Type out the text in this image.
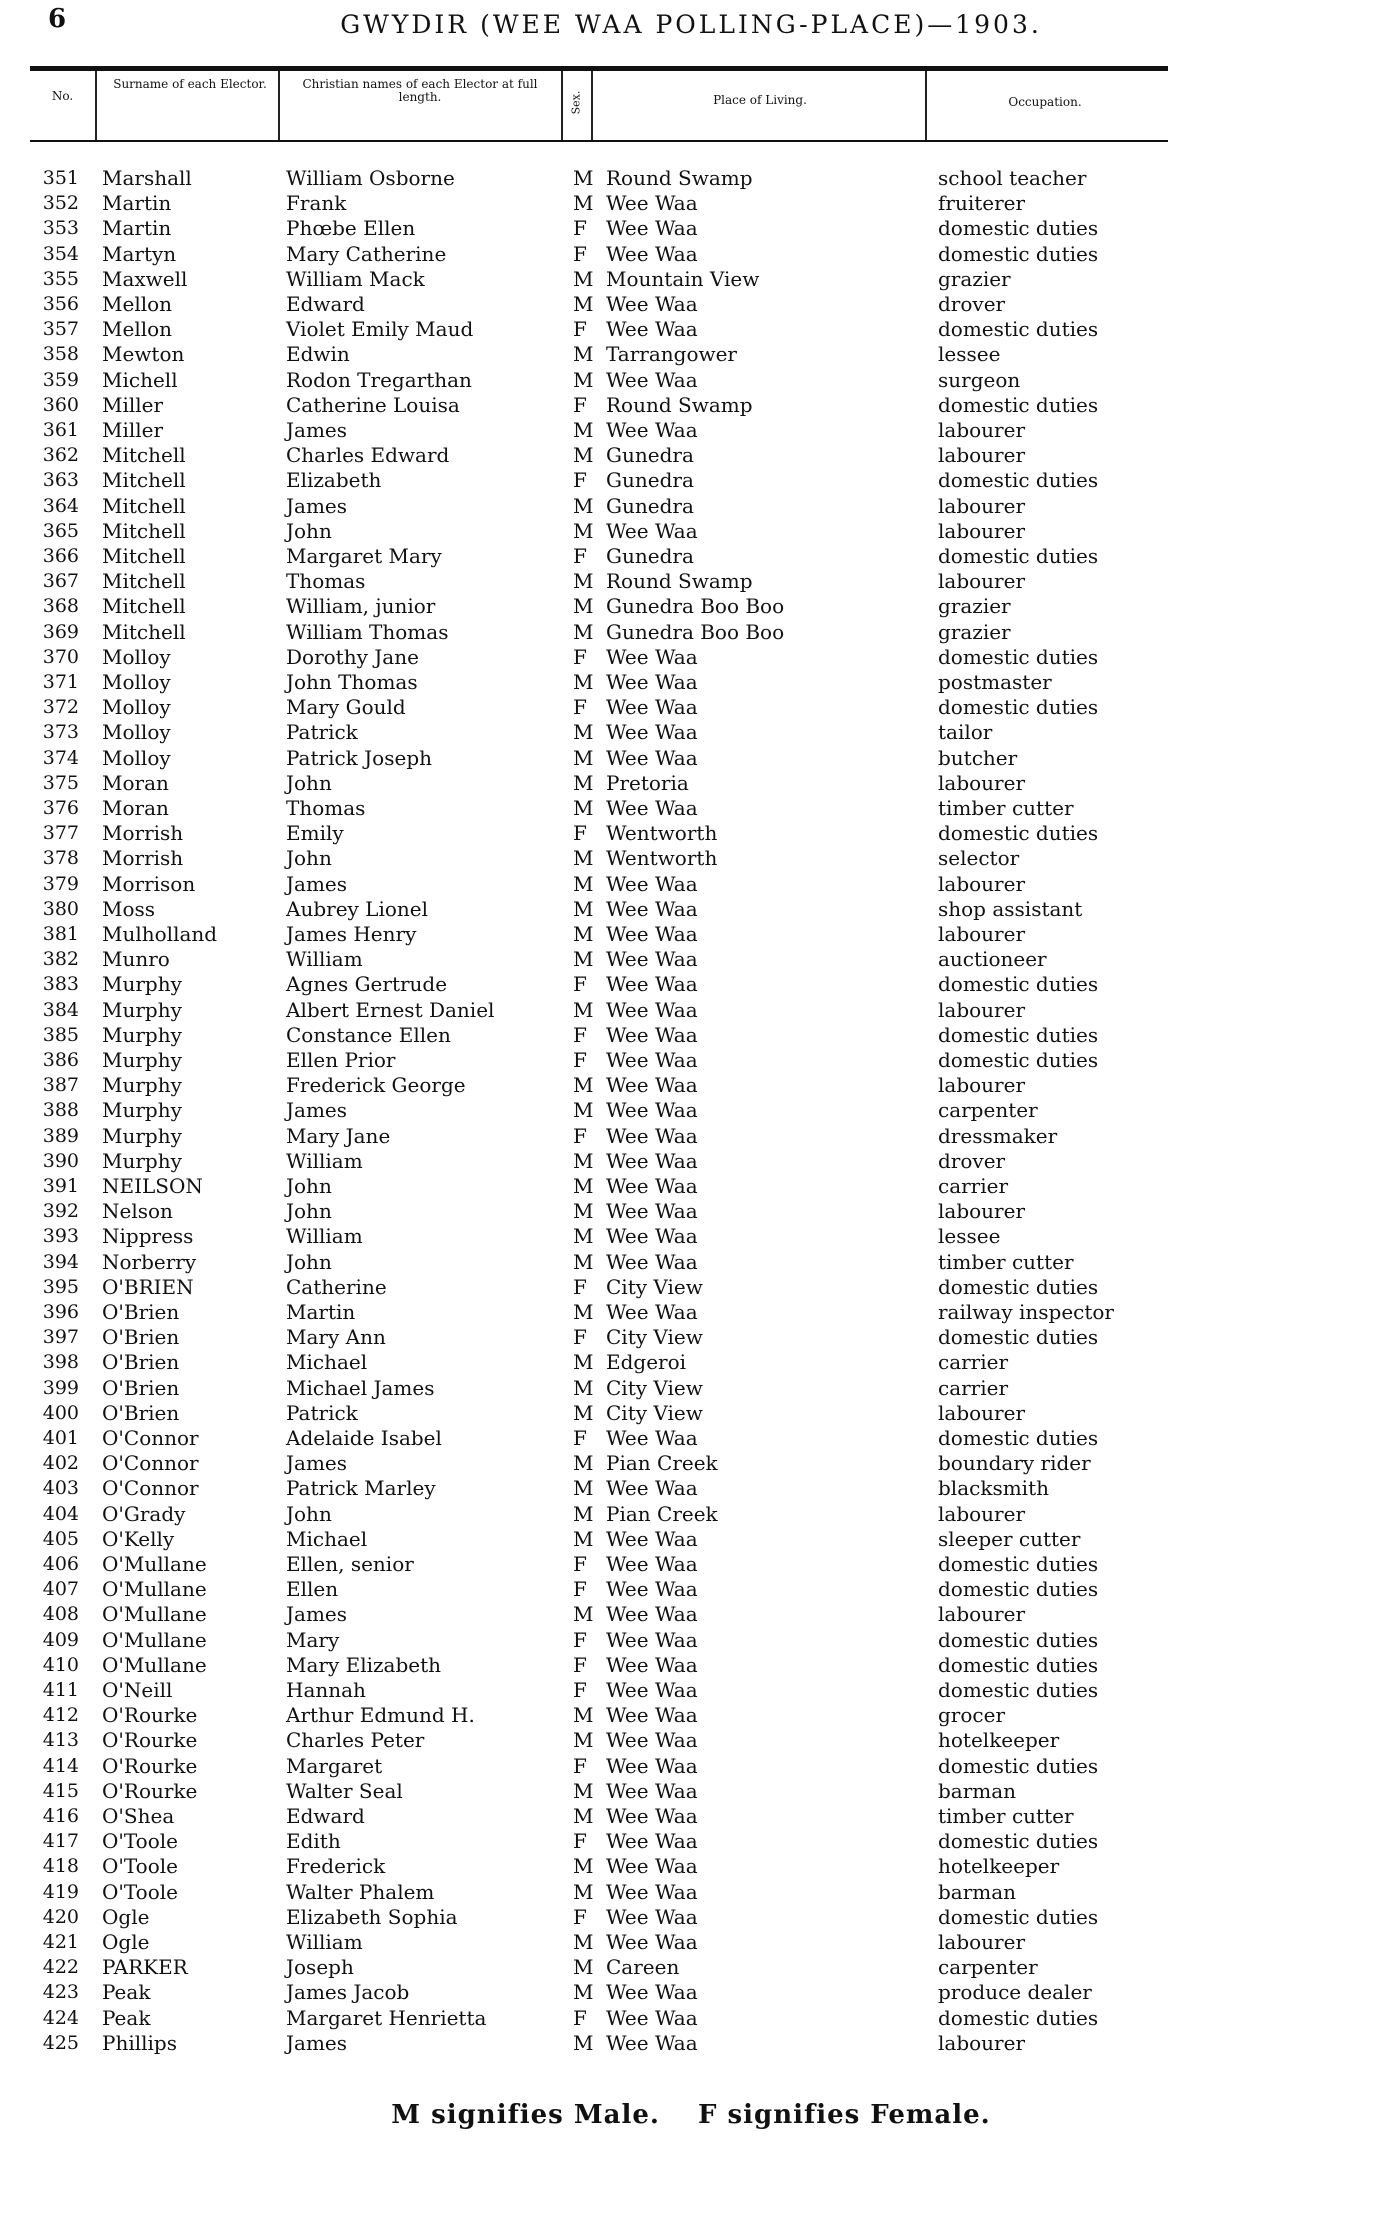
6	GWYDIR (WEE WAA POLLING-PLACE)—1903.
No.
Surname of each Elector.	Christian names of each Elector at full length.	Sex.	Place of Living.	Occupation.
351 Marshall	William Osborne	M Round Swamp	school teacher
352 Martin	Frank	M Wee Waa	fruiterer
353 Martin	Phœbe Ellen	F Wee Waa	domestic duties
354 Martyn	Mary Catherine	F Wee Waa	domestic duties
355 Maxwell	William Mack	M Mountain View	grazier
356 Mellon	Edward	M Wee Waa	drover
357 Mellon	Violet Emily Maud	F Wee Waa	domestic duties
358 Mewton	Edwin	M Tarrangower	lessee
359 Michell	Rodon Tregarthan	M Wee Waa	surgeon
360 Miller	Catherine Louisa	F Round Swamp	domestic duties
361 Miller	James	M Wee Waa	labourer
362 Mitchell	Charles Edward	M Gunedra	labourer
363 Mitchell	Elizabeth	F Gunedra	domestic duties
364 Mitchell	James	M Gunedra	labourer
365 Mitchell	John	M Wee Waa	labourer
366 Mitchell	Margaret Mary	F Gunedra	domestic duties
367 Mitchell	Thomas	M Round Swamp	labourer
368 Mitchell	William, junior	M Gunedra Boo Boo	grazier
369 Mitchell	William Thomas	M Gunedra Boo Boo	grazier
370 Molloy	Dorothy Jane	F Wee Waa	domestic duties
371 Molloy	John Thomas	M Wee Waa	postmaster
372 Molloy	Mary Gould	F Wee Waa	domestic duties
373 Molloy	Patrick	M Wee Waa	tailor
374 Molloy	Patrick Joseph	M Wee Waa	butcher
375 Moran	John	M Pretoria	labourer
376 Moran	Thomas	M Wee Waa	timber cutter
377 Morrish	Emily	F Wentworth	domestic duties
378 Morrish	John	M Wentworth	selector
379 Morrison	James	M Wee Waa	labourer
380 Moss	Aubrey Lionel	M Wee Waa	shop assistant
381 Mulholland	James Henry	M Wee Waa	labourer
382 Munro	William	M Wee Waa	auctioneer
383 Murphy	Agnes Gertrude	F Wee Waa	domestic duties
384 Murphy	Albert Ernest Daniel	M Wee Waa	labourer
385 Murphy	Constance Ellen	F Wee Waa	domestic duties
386 Murphy	Ellen Prior	F Wee Waa	domestic duties
387 Murphy	Frederick George	M Wee Waa	labourer
388 Murphy	James	M Wee Waa	carpenter
389 Murphy	Mary Jane	F Wee Waa	dressmaker
390 Murphy	William	M Wee Waa	drover
391 NEILSON	John	M Wee Waa	carrier
392 Nelson	John	M Wee Waa	labourer
393 Nippress	William	M Wee Waa	lessee
394 Norberry	John	M Wee Waa	timber cutter
395 O'BRIEN	Catherine	F City View	domestic duties
396 O'Brien	Martin	M Wee Waa	railway inspector
397 O'Brien	Mary Ann	F City View	domestic duties
398 O'Brien	Michael	M Edgeroi	carrier
399 O'Brien	Michael James	M City View	carrier
400 O'Brien	Patrick	M City View	labourer
401 O'Connor	Adelaide Isabel	F Wee Waa	domestic duties
402 O'Connor	James	M Pian Creek	boundary rider
403 O'Connor	Patrick Marley	M Wee Waa	blacksmith
404 O'Grady	John	M Pian Creek	labourer
405 O'Kelly	Michael	M Wee Waa	sleeper cutter
406 O'Mullane	Ellen, senior	F Wee Waa	domestic duties
407 O'Mullane	Ellen	F Wee Waa	domestic duties
408 O'Mullane	James	M Wee Waa	labourer
409 O'Mullane	Mary	F Wee Waa	domestic duties
410 O'Mullane	Mary Elizabeth	F Wee Waa	domestic duties
411 O'Neill	Hannah	F Wee Waa	domestic duties
412 O'Rourke	Arthur Edmund H.	M Wee Waa	grocer
413 O'Rourke	Charles Peter	M Wee Waa	hotelkeeper
414 O'Rourke	Margaret	F Wee Waa	domestic duties
415 O'Rourke	Walter Seal	M Wee Waa	barman
416 O'Shea	Edward	M Wee Waa	timber cutter
417 O'Toole	Edith	F Wee Waa	domestic duties
418 O'Toole	Frederick	M Wee Waa	hotelkeeper
419 O'Toole	Walter Phalem	M Wee Waa	barman
420 Ogle	Elizabeth Sophia	F Wee Waa	domestic duties
421 Ogle	William	M Wee Waa	labourer
422 PARKER	Joseph	M Careen	carpenter
423 Peak	James Jacob	M Wee Waa	produce dealer
424 Peak	Margaret Henrietta	F Wee Waa	domestic duties
425 Phillips	James	M Wee Waa	labourer
M signifies Male. F signifies Female.
